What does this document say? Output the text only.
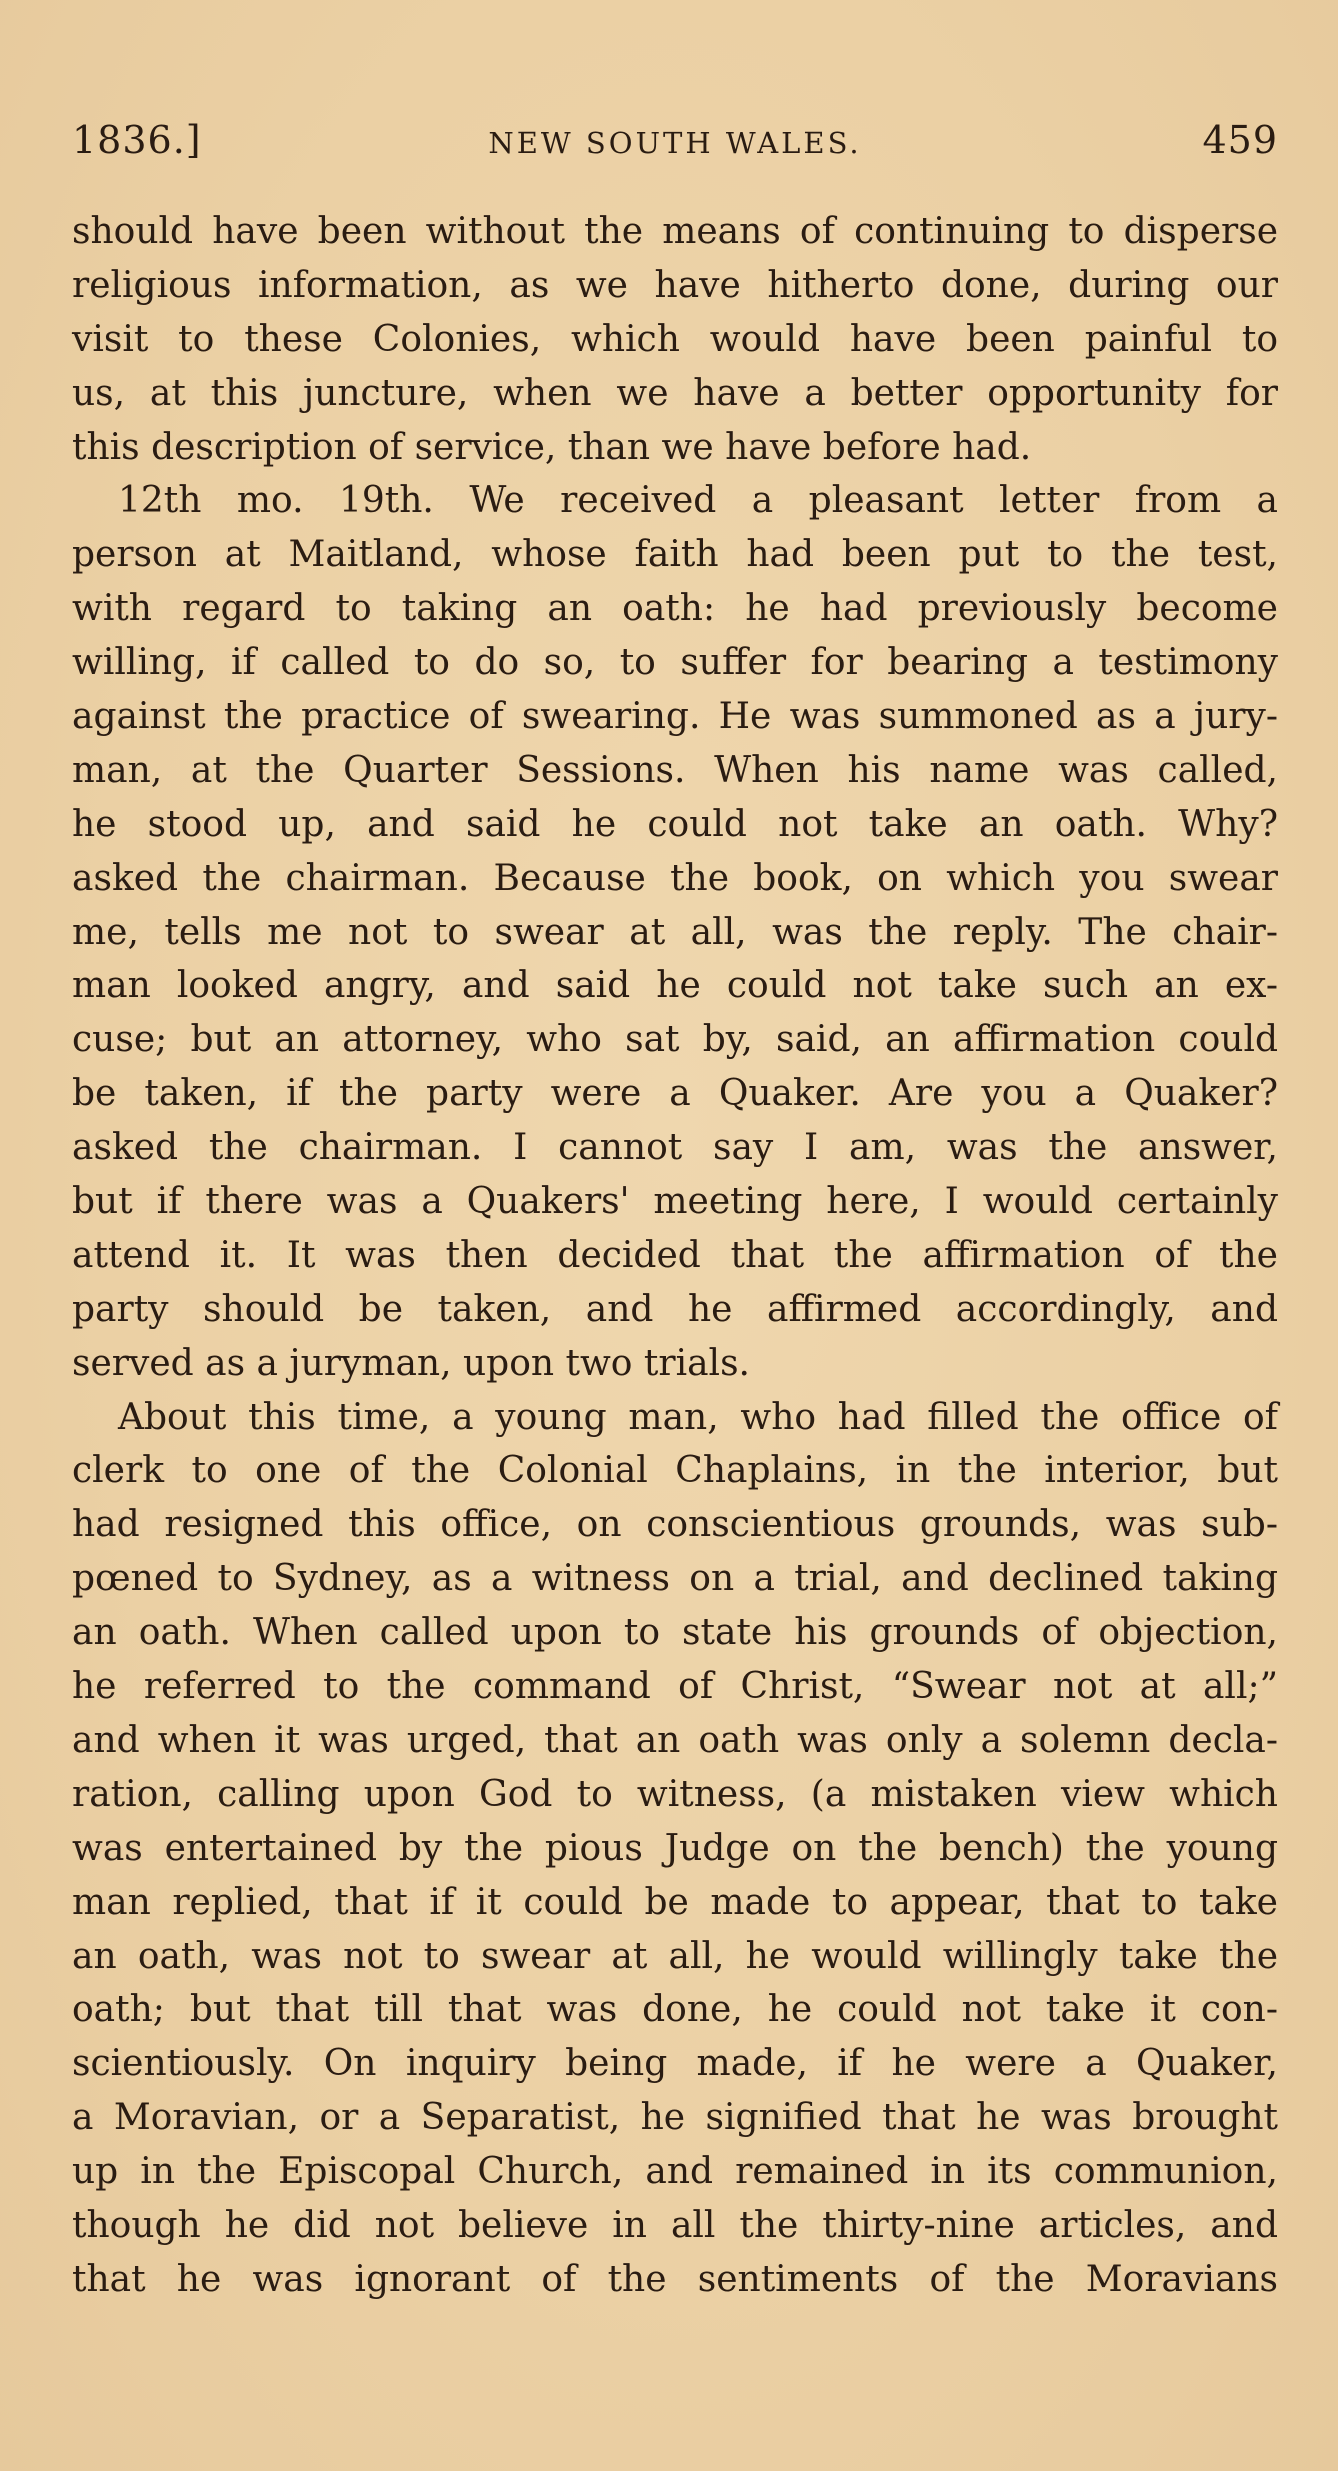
1836.]	NEW SOUTH WALES.	459
should have been without the means of continuing to disperse
religious information, as we have hitherto done, during our
visit to these Colonies, which would have been painful to
us, at this juncture, when we have a better opportunity for
this description of service, than we have before had.
12th mo. 19th. We received a pleasant letter from a
person at Maitland, whose faith had been put to the test,
with regard to taking an oath: he had previously become
willing, if called to do so, to suffer for bearing a testimony
against the practice of swearing. He was summoned as a jury-
man, at the Quarter Sessions. When his name was called,
he stood up, and said he could not take an oath. Why?
asked the chairman. Because the book, on which you swear
me, tells me not to swear at all, was the reply. The chair-
man looked angry, and said he could not take such an ex-
cuse; but an attorney, who sat by, said, an affirmation could
be taken, if the party were a Quaker. Are you a Quaker?
asked the chairman. I cannot say I am, was the answer,
but if there was a Quakers' meeting here, I would certainly
attend it. It was then decided that the affirmation of the
party should be taken, and he affirmed accordingly, and
served as a juryman, upon two trials.
About this time, a young man, who had filled the office of
clerk to one of the Colonial Chaplains, in the interior, but
had resigned this office, on conscientious grounds, was sub-
pœned to Sydney, as a witness on a trial, and declined taking
an oath. When called upon to state his grounds of objection,
he referred to the command of Christ, “Swear not at all;”
and when it was urged, that an oath was only a solemn decla-
ration, calling upon God to witness, (a mistaken view which
was entertained by the pious Judge on the bench) the young
man replied, that if it could be made to appear, that to take
an oath, was not to swear at all, he would willingly take the
oath; but that till that was done, he could not take it con-
scientiously. On inquiry being made, if he were a Quaker,
a Moravian, or a Separatist, he signified that he was brought
up in the Episcopal Church, and remained in its communion,
though he did not believe in all the thirty-nine articles, and
that he was ignorant of the sentiments of the Moravians
